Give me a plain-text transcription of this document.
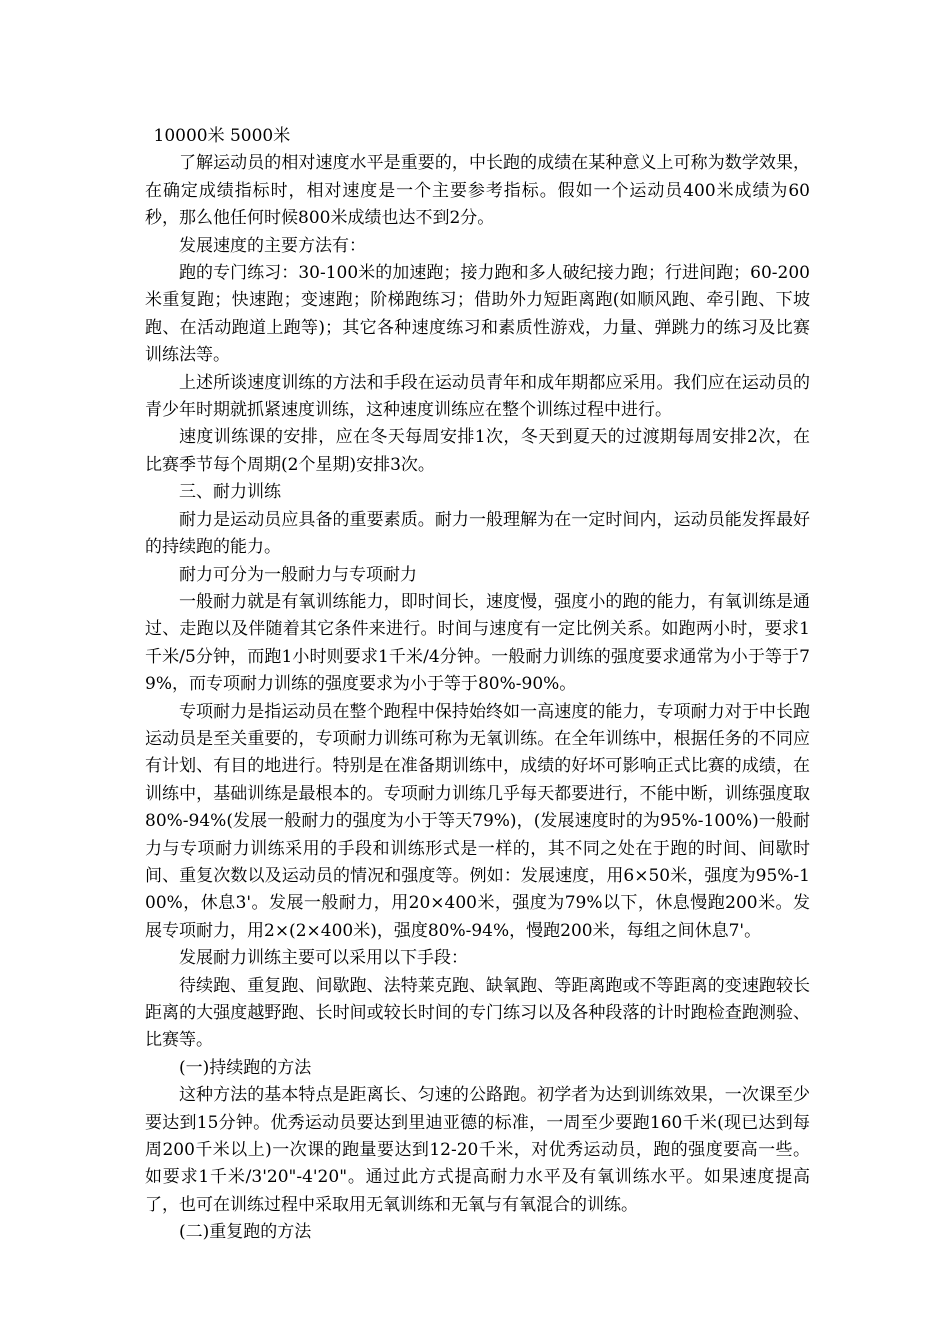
10000米 5000米

了解运动员的相对速度水平是重要的，中长跑的成绩在某种意义上可称为数学效果，在确定成绩指标时，相对速度是一个主要参考指标。假如一个运动员400米成绩为60秒，那么他任何时候800米成绩也达不到2分。

发展速度的主要方法有：

跑的专门练习：30-100米的加速跑；接力跑和多人破纪接力跑；行进间跑；60-200米重复跑；快速跑；变速跑；阶梯跑练习；借助外力短距离跑(如顺风跑、牵引跑、下坡跑、在活动跑道上跑等)；其它各种速度练习和素质性游戏，力量、弹跳力的练习及比赛训练法等。

上述所谈速度训练的方法和手段在运动员青年和成年期都应采用。我们应在运动员的青少年时期就抓紧速度训练，这种速度训练应在整个训练过程中进行。

速度训练课的安排，应在冬天每周安排1次，冬天到夏天的过渡期每周安排2次，在比赛季节每个周期(2个星期)安排3次。

三、耐力训练

耐力是运动员应具备的重要素质。耐力一般理解为在一定时间内，运动员能发挥最好的持续跑的能力。

耐力可分为一般耐力与专项耐力

一般耐力就是有氧训练能力，即时间长，速度慢，强度小的跑的能力，有氧训练是通过、走跑以及伴随着其它条件来进行。时间与速度有一定比例关系。如跑两小时，要求1千米/5分钟，而跑1小时则要求1千米/4分钟。一般耐力训练的强度要求通常为小于等于79%，而专项耐力训练的强度要求为小于等于80%-90%。

专项耐力是指运动员在整个跑程中保持始终如一高速度的能力，专项耐力对于中长跑运动员是至关重要的，专项耐力训练可称为无氧训练。在全年训练中，根据任务的不同应有计划、有目的地进行。特别是在准备期训练中，成绩的好坏可影响正式比赛的成绩，在训练中，基础训练是最根本的。专项耐力训练几乎每天都要进行，不能中断，训练强度取80%-94%(发展一般耐力的强度为小于等天79%)，(发展速度时的为95%-100%)一般耐力与专项耐力训练采用的手段和训练形式是一样的，其不同之处在于跑的时间、间歇时间、重复次数以及运动员的情况和强度等。例如：发展速度，用6×50米，强度为95%-100%，休息3'。发展一般耐力，用20×400米，强度为79%以下，休息慢跑200米。发展专项耐力，用2×(2×400米)，强度80%-94%，慢跑200米，每组之间休息7'。

发展耐力训练主要可以采用以下手段：

待续跑、重复跑、间歇跑、法特莱克跑、缺氧跑、等距离跑或不等距离的变速跑较长距离的大强度越野跑、长时间或较长时间的专门练习以及各种段落的计时跑检查跑测验、比赛等。

(一)持续跑的方法

这种方法的基本特点是距离长、匀速的公路跑。初学者为达到训练效果，一次课至少要达到15分钟。优秀运动员要达到里迪亚德的标准，一周至少要跑160千米(现已达到每周200千米以上)一次课的跑量要达到12-20千米，对优秀运动员，跑的强度要高一些。如要求1千米/3'20"-4'20"。通过此方式提高耐力水平及有氧训练水平。如果速度提高了，也可在训练过程中采取用无氧训练和无氧与有氧混合的训练。

(二)重复跑的方法
